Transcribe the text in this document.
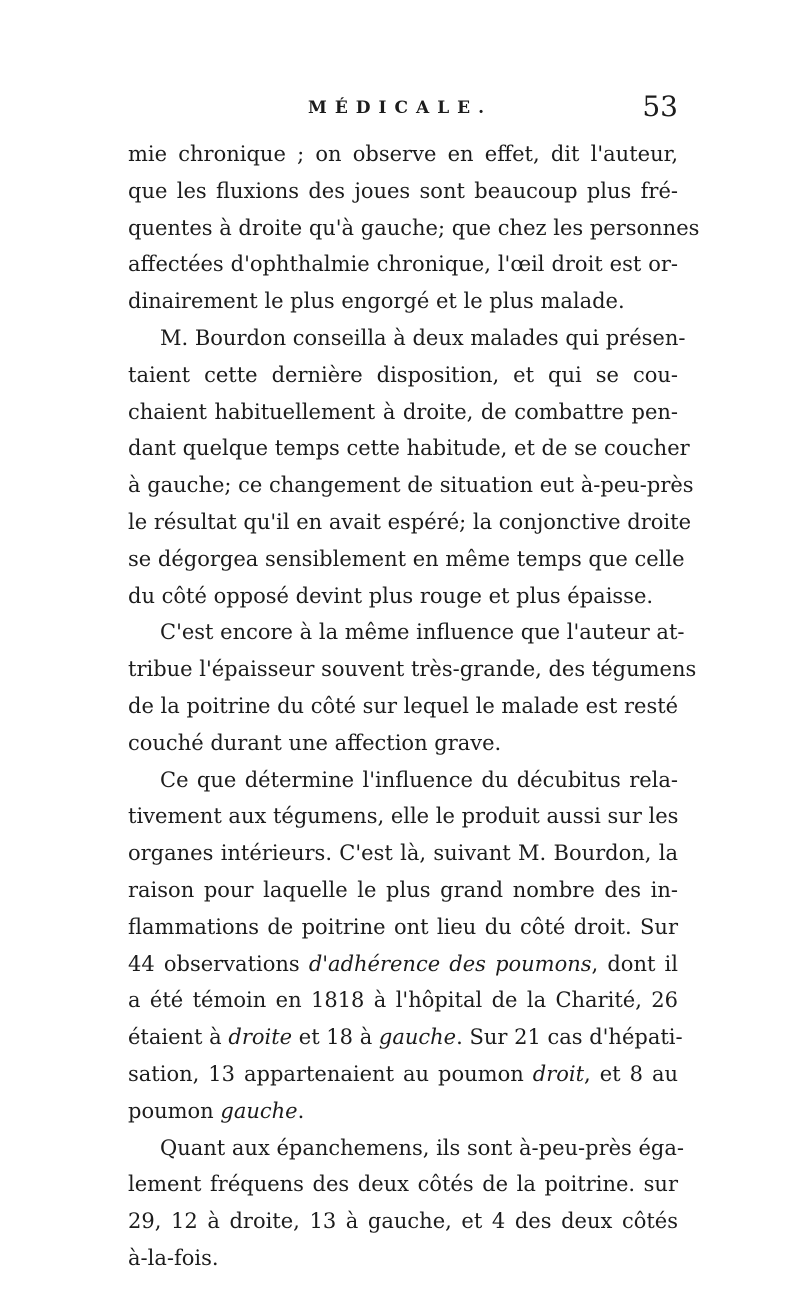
MÉDICALE.	53
mie chronique ; on observe en effet, dit l'auteur,
que les fluxions des joues sont beaucoup plus fré-
quentes à droite qu'à gauche; que chez les personnes
affectées d'ophthalmie chronique, l'œil droit est or-
dinairement le plus engorgé et le plus malade.
M. Bourdon conseilla à deux malades qui présen-
taient cette dernière disposition, et qui se cou-
chaient habituellement à droite, de combattre pen-
dant quelque temps cette habitude, et de se coucher
à gauche; ce changement de situation eut à-peu-près
le résultat qu'il en avait espéré; la conjonctive droite
se dégorgea sensiblement en même temps que celle
du côté opposé devint plus rouge et plus épaisse.
C'est encore à la même influence que l'auteur at-
tribue l'épaisseur souvent très-grande, des tégumens
de la poitrine du côté sur lequel le malade est resté
couché durant une affection grave.
Ce que détermine l'influence du décubitus rela-
tivement aux tégumens, elle le produit aussi sur les
organes intérieurs. C'est là, suivant M. Bourdon, la
raison pour laquelle le plus grand nombre des in-
flammations de poitrine ont lieu du côté droit. Sur
44 observations d'adhérence des poumons, dont il
a été témoin en 1818 à l'hôpital de la Charité, 26
étaient à droite et 18 à gauche. Sur 21 cas d'hépati-
sation, 13 appartenaient au poumon droit, et 8 au
poumon gauche.
Quant aux épanchemens, ils sont à-peu-près éga-
lement fréquens des deux côtés de la poitrine. sur
29, 12 à droite, 13 à gauche, et 4 des deux côtés
à-la-fois.
